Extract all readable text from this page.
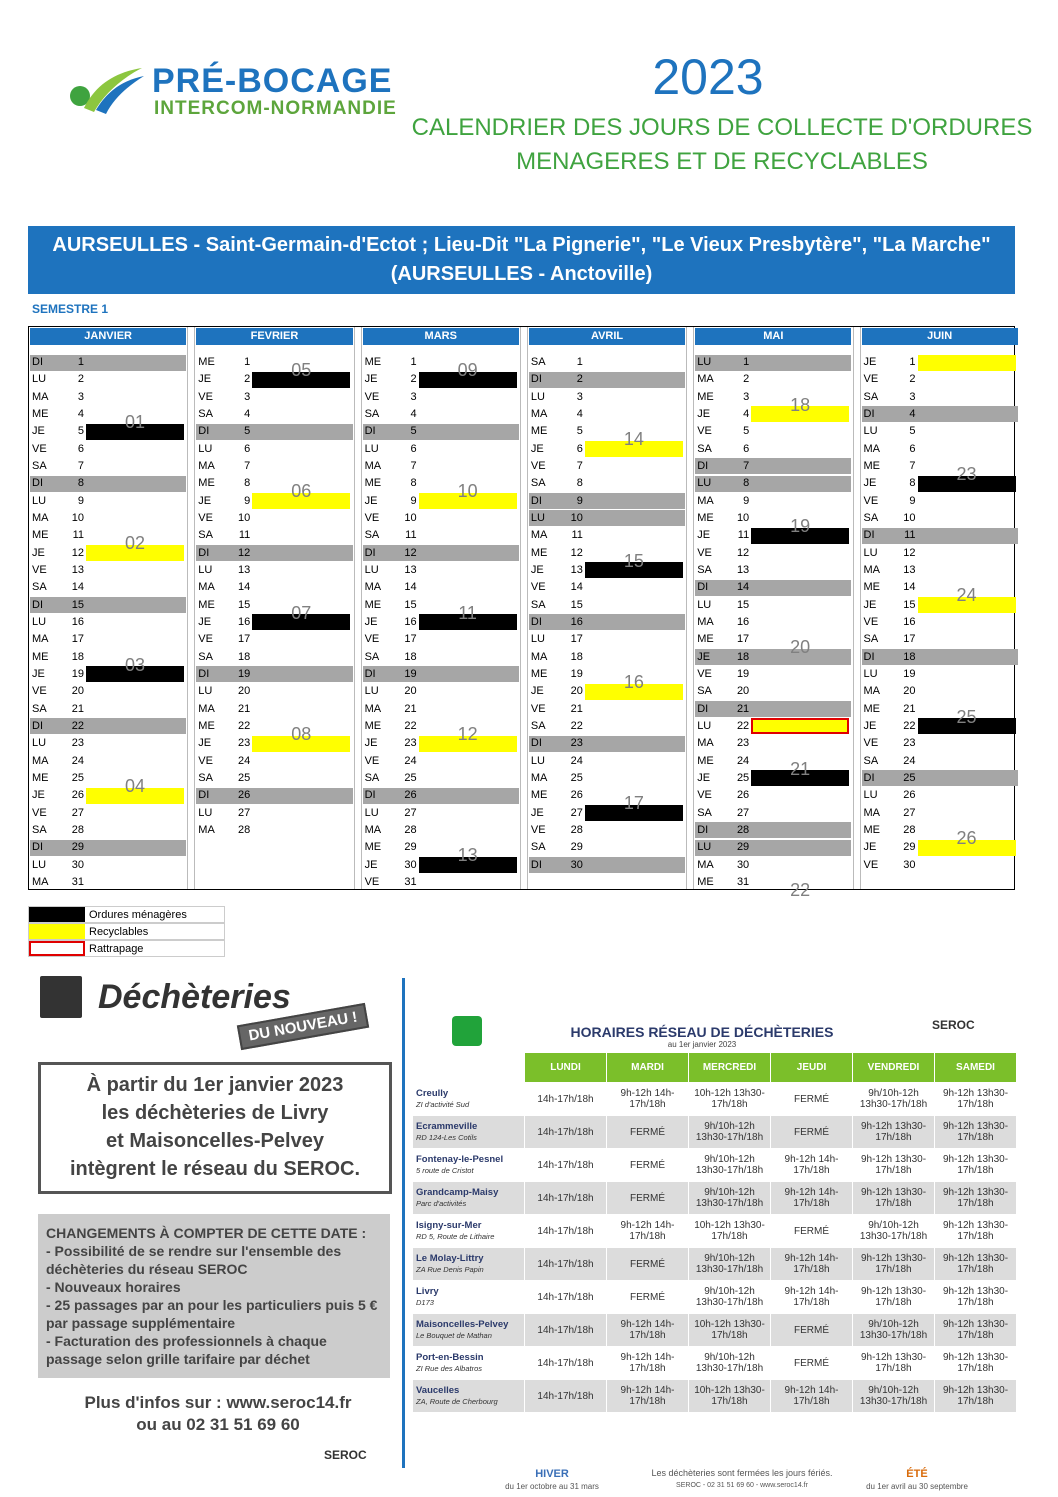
PRÉ-BOCAGE
INTERCOM-NORMANDIE
2023
CALENDRIER DES JOURS DE COLLECTE D'ORDURES
MENAGERES ET DE RECYCLABLES
AURSEULLES - Saint-Germain-d'Ectot ; Lieu-Dit "La Pignerie", "Le Vieux Presbytère", "La Marche"
(AURSEULLES - Anctoville)
SEMESTRE 1
JANVIER
DI	1
LU	2
MA	3
ME	4
JE	5
VE	6
SA	7
DI	8
LU	9
MA	10
ME	11
JE	12
VE	13
SA	14
DI	15
LU	16
MA	17
ME	18
JE	19
VE	20
SA	21
DI	22
LU	23
MA	24
ME	25
JE	26
VE	27
SA	28
DI	29
LU	30
MA	31
01
02
03
04
FEVRIER
ME	1
JE	2
VE	3
SA	4
DI	5
LU	6
MA	7
ME	8
JE	9
VE	10
SA	11
DI	12
LU	13
MA	14
ME	15
JE	16
VE	17
SA	18
DI	19
LU	20
MA	21
ME	22
JE	23
VE	24
SA	25
DI	26
LU	27
MA	28
05
06
07
08
MARS
ME	1
JE	2
VE	3
SA	4
DI	5
LU	6
MA	7
ME	8
JE	9
VE	10
SA	11
DI	12
LU	13
MA	14
ME	15
JE	16
VE	17
SA	18
DI	19
LU	20
MA	21
ME	22
JE	23
VE	24
SA	25
DI	26
LU	27
MA	28
ME	29
JE	30
VE	31
09
10
11
12
13
AVRIL
SA	1
DI	2
LU	3
MA	4
ME	5
JE	6
VE	7
SA	8
DI	9
LU	10
MA	11
ME	12
JE	13
VE	14
SA	15
DI	16
LU	17
MA	18
ME	19
JE	20
VE	21
SA	22
DI	23
LU	24
MA	25
ME	26
JE	27
VE	28
SA	29
DI	30
14
15
16
17
MAI
LU	1
MA	2
ME	3
JE	4
VE	5
SA	6
DI	7
LU	8
MA	9
ME	10
JE	11
VE	12
SA	13
DI	14
LU	15
MA	16
ME	17
JE	18
VE	19
SA	20
DI	21
LU	22
MA	23
ME	24
JE	25
VE	26
SA	27
DI	28
LU	29
MA	30
ME	31
18
19
20
21
22
JUIN
JE	1
VE	2
SA	3
DI	4
LU	5
MA	6
ME	7
JE	8
VE	9
SA	10
DI	11
LU	12
MA	13
ME	14
JE	15
VE	16
SA	17
DI	18
LU	19
MA	20
ME	21
JE	22
VE	23
SA	24
DI	25
LU	26
MA	27
ME	28
JE	29
VE	30
23
24
25
26
Ordures ménagères
Recyclables
Rattrapage
Déchèteries
DU NOUVEAU !
À partir du 1er janvier 2023
les déchèteries de Livry
et Maisoncelles-Pelvey
intègrent le réseau du SEROC.
CHANGEMENTS À COMPTER DE CETTE DATE :
- Possibilité de se rendre sur l'ensemble des déchèteries du réseau SEROC
- Nouveaux horaires
- 25 passages par an pour les particuliers puis 5 € par passage supplémentaire
- Facturation des professionnels à chaque passage selon grille tarifaire par déchet
Plus d'infos sur : www.seroc14.fr
ou au 02 31 51 69 60
SEROC
HORAIRES RÉSEAU DE DÉCHÈTERIES
au 1er janvier 2023
SEROC
	LUNDI	MARDI	MERCREDI	JEUDI	VENDREDI	SAMEDI

Creully
ZI d'activité Sud	14h-17h/18h	9h-12h 14h-17h/18h	10h-12h 13h30-17h/18h	FERMÉ	9h/10h-12h 13h30-17h/18h	9h-12h 13h30-17h/18h

Ecrammeville
RD 124-Les Cotils	14h-17h/18h	FERMÉ	9h/10h-12h 13h30-17h/18h	FERMÉ	9h-12h 13h30-17h/18h	9h-12h 13h30-17h/18h

Fontenay-le-Pesnel
5 route de Cristot	14h-17h/18h	FERMÉ	9h/10h-12h 13h30-17h/18h	9h-12h 14h-17h/18h	9h-12h 13h30-17h/18h	9h-12h 13h30-17h/18h

Grandcamp-Maisy
Parc d'activités	14h-17h/18h	FERMÉ	9h/10h-12h 13h30-17h/18h	9h-12h 14h-17h/18h	9h-12h 13h30-17h/18h	9h-12h 13h30-17h/18h

Isigny-sur-Mer
RD 5, Route de Lithaire	14h-17h/18h	9h-12h 14h-17h/18h	10h-12h 13h30-17h/18h	FERMÉ	9h/10h-12h 13h30-17h/18h	9h-12h 13h30-17h/18h

Le Molay-Littry
ZA Rue Denis Papin	14h-17h/18h	FERMÉ	9h/10h-12h 13h30-17h/18h	9h-12h 14h-17h/18h	9h-12h 13h30-17h/18h	9h-12h 13h30-17h/18h

Livry
D173	14h-17h/18h	FERMÉ	9h/10h-12h 13h30-17h/18h	9h-12h 14h-17h/18h	9h-12h 13h30-17h/18h	9h-12h 13h30-17h/18h

Maisoncelles-Pelvey
Le Bouquet de Mathan	14h-17h/18h	9h-12h 14h-17h/18h	10h-12h 13h30-17h/18h	FERMÉ	9h/10h-12h 13h30-17h/18h	9h-12h 13h30-17h/18h

Port-en-Bessin
ZI Rue des Albatros	14h-17h/18h	9h-12h 14h-17h/18h	9h/10h-12h 13h30-17h/18h	FERMÉ	9h-12h 13h30-17h/18h	9h-12h 13h30-17h/18h

Vaucelles
ZA, Route de Cherbourg	14h-17h/18h	9h-12h 14h-17h/18h	10h-12h 13h30-17h/18h	9h-12h 14h-17h/18h	9h/10h-12h 13h30-17h/18h	9h-12h 13h30-17h/18h
HIVER
du 1er octobre au 31 mars
Les déchèteries sont fermées les jours fériés.
SEROC - 02 31 51 69 60 - www.seroc14.fr
ÉTÉ
du 1er avril au 30 septembre
